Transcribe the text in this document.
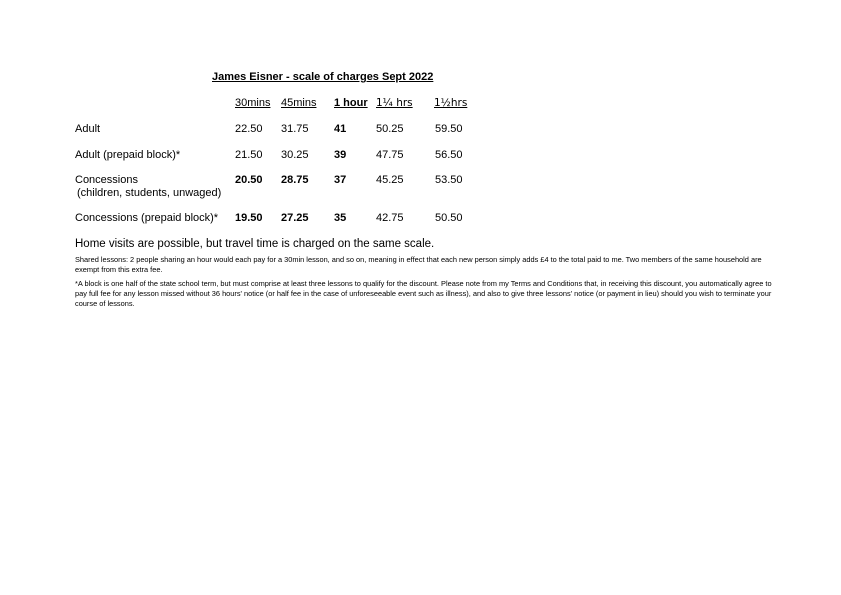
James Eisner - scale of charges Sept 2022
30mins 45mins 1 hour 1¼ hrs 1½hrs
Adult	22.50 31.75 41	50.25	59.50
Adult (prepaid block)*	21.50 30.25 39	47.75	56.50
Concessions
(children, students, unwaged)
20.50 28.75 37	45.25	53.50
Concessions (prepaid block)* 19.50 27.25 35	42.75	50.50
Home visits are possible, but travel time is charged on the same scale.
Shared lessons: 2 people sharing an hour would each pay for a 30min lesson, and so on, meaning in effect that each new person simply adds £4 to the total paid to me. Two members of the same household are exempt from this extra fee.
*A block is one half of the state school term, but must comprise at least three lessons to qualify for the discount. Please note from my Terms and Conditions that, in receiving this discount, you automatically agree to pay full fee for any lesson missed without 36 hours' notice (or half fee in the case of unforeseeable event such as illness), and also to give three lessons' notice (or payment in lieu) should you wish to terminate your course of lessons.
